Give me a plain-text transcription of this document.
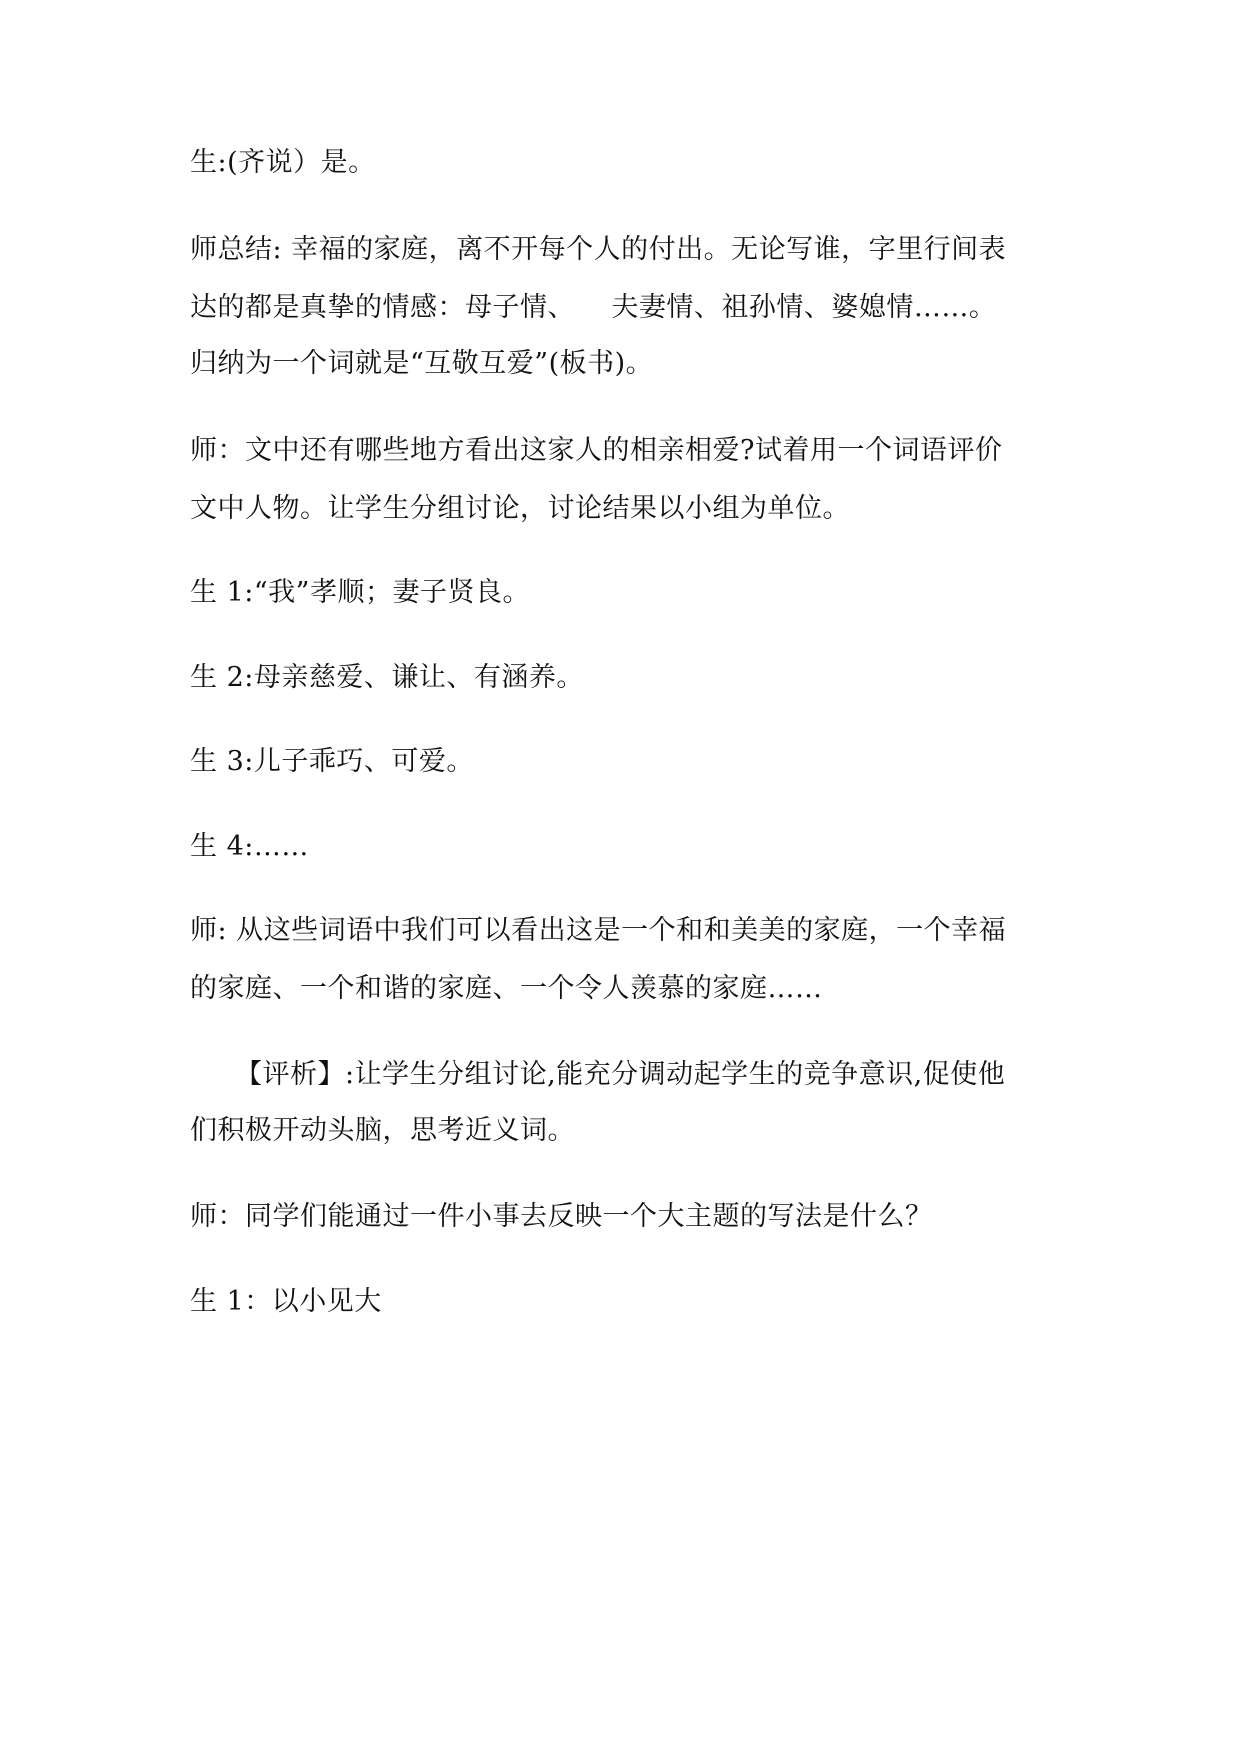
生:(齐说）是。
师总结: 幸福的家庭，离不开每个人的付出。无论写谁，字里行间表
达的都是真挚的情感：母子情、    夫妻情、祖孙情、婆媳情……。
归纳为一个词就是“互敬互爱”(板书)。
师：文中还有哪些地方看出这家人的相亲相爱?试着用一个词语评价
文中人物。让学生分组讨论，讨论结果以小组为单位。
生 1:“我”孝顺；妻子贤良。
生 2:母亲慈爱、谦让、有涵养。
生 3:儿子乖巧、可爱。
生 4:……
师: 从这些词语中我们可以看出这是一个和和美美的家庭，一个幸福
的家庭、一个和谐的家庭、一个令人羡慕的家庭……
【评析】:让学生分组讨论,能充分调动起学生的竞争意识,促使他
们积极开动头脑，思考近义词。
师：同学们能通过一件小事去反映一个大主题的写法是什么？
生 1：以小见大
